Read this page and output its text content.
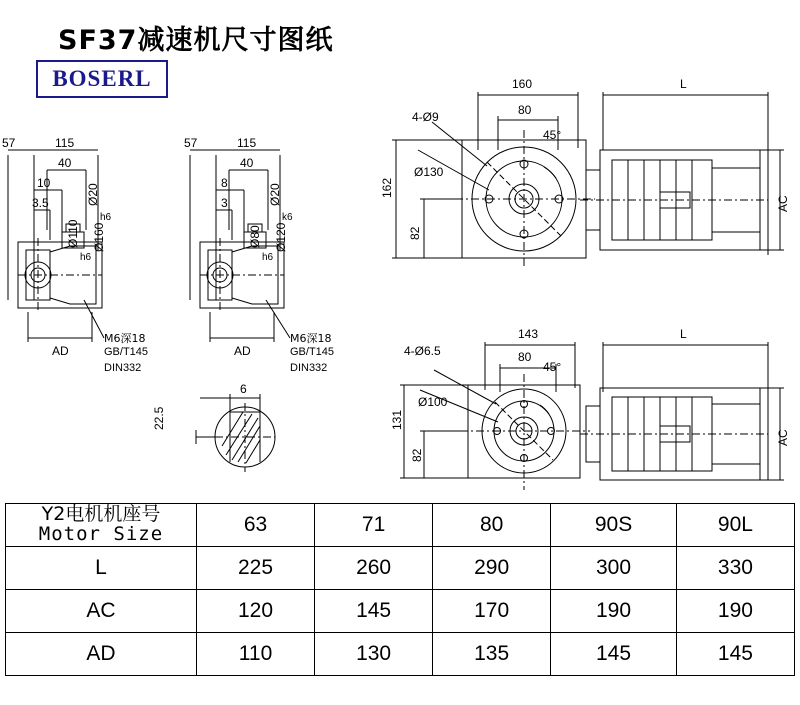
SF37减速机尺寸图纸
BOSERL
57	115
40
10
3.5	Ø20
h6
Ø110
h6
Ø160
AD
M6深18
GB/T145
DIN332
57	115
40
8
3	Ø20
k6
Ø80
h6
Ø120
AD
M6深18
GB/T145
DIN332
6
22.5
160
80
L
4-Ø9
45°
Ø130
162
82
AC
143
80
L
4-Ø6.5
45°
Ø100
131
82
AC
Y2电机机座号
Motor Size	63	71	80	90S	90L
L	225	260	290	300	330
AC	120	145	170	190	190
AD	110	130	135	145	145
